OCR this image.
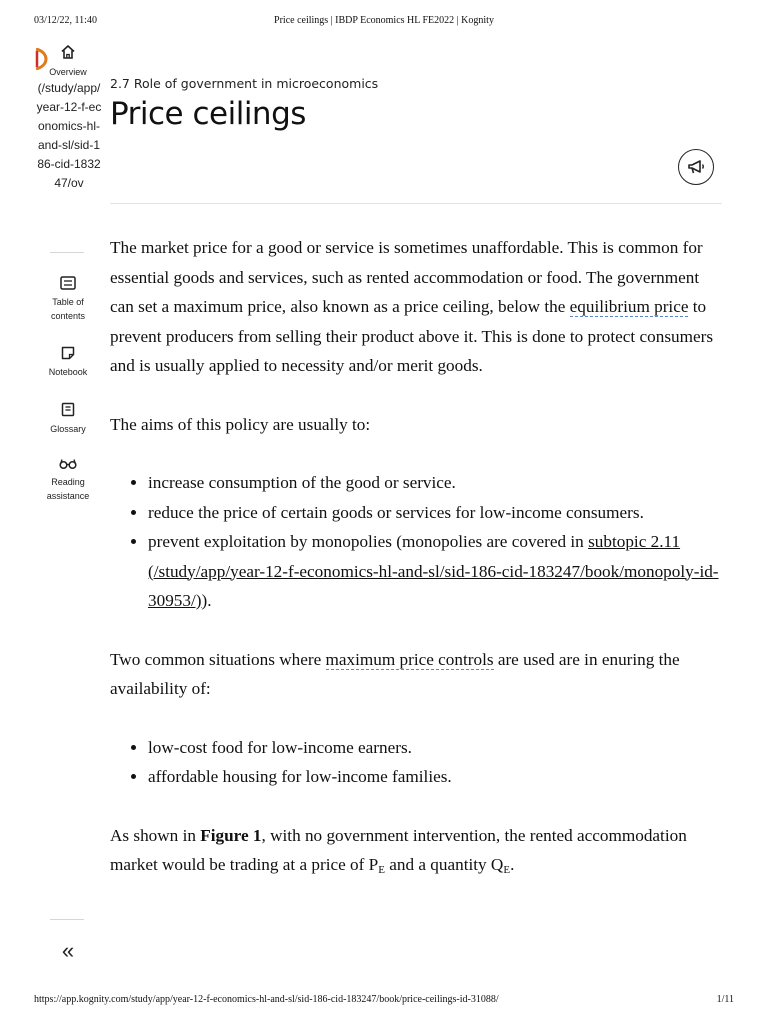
03/12/22, 11:40	Price ceilings | IBDP Economics HL FE2022 | Kognity
Overview
(/study/app/year-12-f-economics-hl-and-sl/sid-186-cid-183247/ov
Table of contents
Notebook
Glossary
Reading assistance
«
2.7 Role of government in microeconomics
Price ceilings

The market price for a good or service is sometimes unaffordable. This is common for essential goods and services, such as rented accommodation or food. The government can set a maximum price, also known as a price ceiling, below the equilibrium price to prevent producers from selling their product above it. This is done to protect consumers and is usually applied to necessity and/or merit goods.

The aims of this policy are usually to:

• increase consumption of the good or service.
• reduce the price of certain goods or services for low-income consumers.
• prevent exploitation by monopolies (monopolies are covered in subtopic 2.11 (/study/app/year-12-f-economics-hl-and-sl/sid-186-cid-183247/book/monopoly-id-30953/)).

Two common situations where maximum price controls are used are in enuring the availability of:

• low-cost food for low-income earners.
• affordable housing for low-income families.

As shown in Figure 1, with no government intervention, the rented accommodation market would be trading at a price of $P_E$ and a quantity $Q_E$.

https://app.kognity.com/study/app/year-12-f-economics-hl-and-sl/sid-186-cid-183247/book/price-ceilings-id-31088/	1/11
